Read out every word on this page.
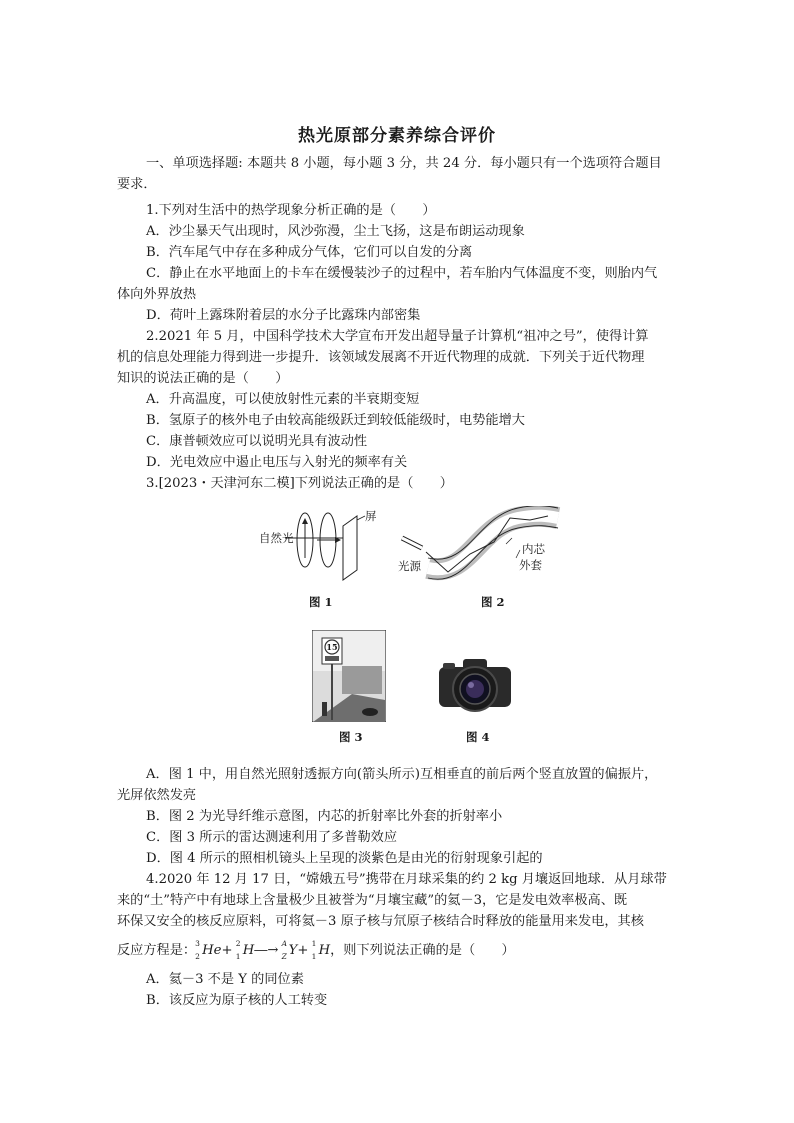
热光原部分素养综合评价
一、单项选择题: 本题共 8 小题，每小题 3 分，共 24 分．每小题只有一个选项符合题目
要求．
1.下列对生活中的热学现象分析正确的是（　　）
A．沙尘暴天气出现时，风沙弥漫，尘土飞扬，这是布朗运动现象
B．汽车尾气中存在多种成分气体，它们可以自发的分离
C．静止在水平地面上的卡车在缓慢装沙子的过程中，若车胎内气体温度不变，则胎内气
体向外界放热
D．荷叶上露珠附着层的水分子比露珠内部密集
2.2021 年 5 月，中国科学技术大学宣布开发出超导量子计算机“祖冲之号”，使得计算
机的信息处理能力得到进一步提升．该领域发展离不开近代物理的成就．下列关于近代物理
知识的说法正确的是（　　）
A．升高温度，可以使放射性元素的半衰期变短
B．氢原子的核外电子由较高能级跃迁到较低能级时，电势能增大
C．康普顿效应可以说明光具有波动性
D．光电效应中遏止电压与入射光的频率有关
3.[2023・天津河东二模]下列说法正确的是（　　）
自然光
屏
图 1
内芯
外套
光源
图 2
15
图 3	图 4
A．图 1 中，用自然光照射透振方向(箭头所示)互相垂直的前后两个竖直放置的偏振片，
光屏依然发亮
B．图 2 为光导纤维示意图，内芯的折射率比外套的折射率小
C．图 3 所示的雷达测速利用了多普勒效应
D．图 4 所示的照相机镜头上呈现的淡紫色是由光的衍射现象引起的
4.2020 年 12 月 17 日，“嫦娥五号”携带在月球采集的约 2 kg 月壤返回地球．从月球带
来的“土”特产中有地球上含量极少且被誉为“月壤宝藏”的氦－3，它是发电效率极高、既
环保又安全的核反应原料，可将氦－3 原子核与氘原子核结合时释放的能量用来发电，其核
反应方程是： 3
2 He+ 2
1 H―→ A
Z Y+ 1
1 H，则下列说法正确的是（　　）
A．氦－3 不是 Y 的同位素
B．该反应为原子核的人工转变
